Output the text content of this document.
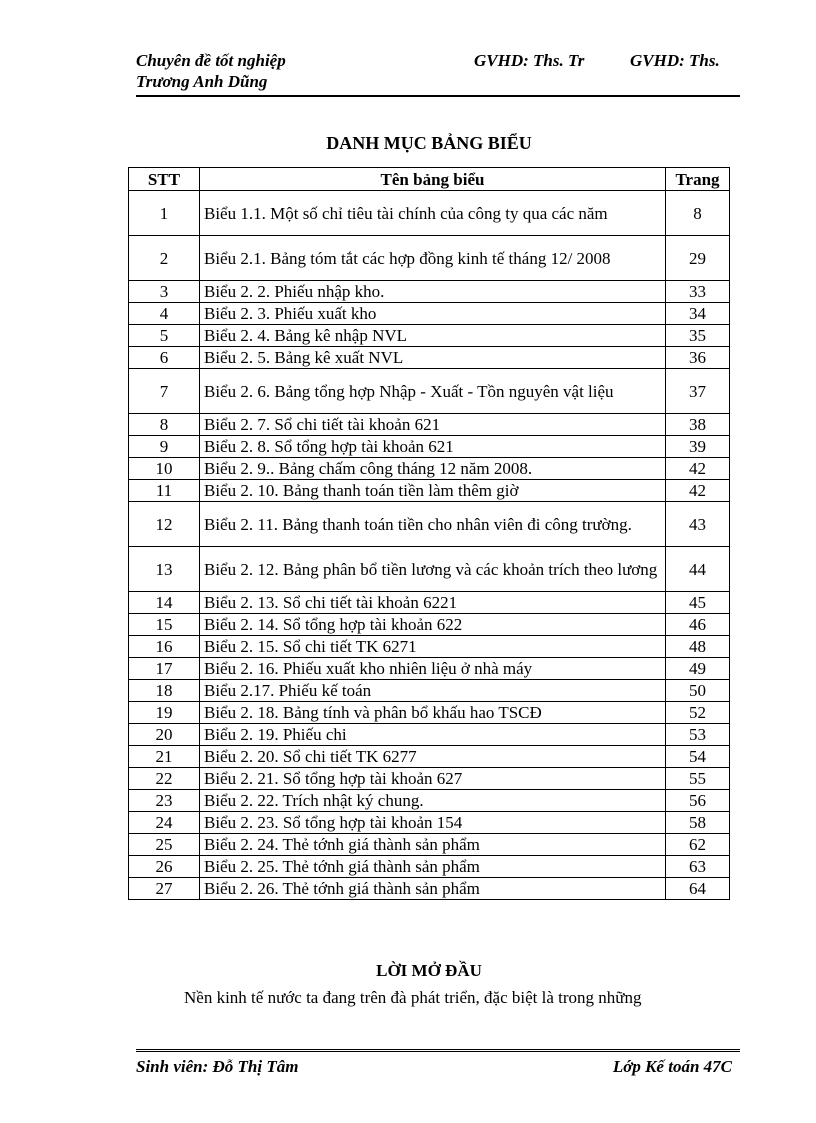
Chuyên đề tốt nghiệp
Trương Anh Dũng
GVHD: Ths. Tr	GVHD: Ths.
DANH MỤC BẢNG BIỂU
STT	Tên bảng biểu	Trang
1	Biểu 1.1. Một số chỉ tiêu tài chính của công ty qua các năm	8
2	Biểu 2.1. Bảng tóm tắt các hợp đồng kinh tế tháng 12/ 2008	29
3	Biểu 2. 2. Phiếu nhập kho.	33
4	Biểu 2. 3. Phiếu xuất kho	34
5	Biểu 2. 4. Bảng kê nhập NVL	35
6	Biểu 2. 5. Bảng kê xuất NVL	36
7	Biểu 2. 6. Bảng tổng hợp Nhập - Xuất - Tồn nguyên vật liệu	37
8	Biểu 2. 7. Sổ chi tiết tài khoản 621	38
9	Biểu 2. 8. Sổ tổng hợp tài khoản 621	39
10	Biểu 2. 9.. Bảng chấm công tháng 12 năm 2008.	42
11	Biểu 2. 10. Bảng thanh toán tiền làm thêm giờ	42
12	Biểu 2. 11. Bảng thanh toán tiền cho nhân viên đi công trường.	43
13	Biểu 2. 12. Bảng phân bổ tiền lương và các khoản trích theo lương	44
14	Biểu 2. 13. Sổ chi tiết tài khoản 6221	45
15	Biểu 2. 14. Sổ tổng hợp tài khoản 622	46
16	Biểu 2. 15. Sổ chi tiết TK 6271	48
17	Biểu 2. 16. Phiếu xuất kho nhiên liệu ở nhà máy	49
18	Biểu 2.17. Phiếu kế toán	50
19	Biểu 2. 18. Bảng tính và phân bổ khấu hao TSCĐ	52
20	Biểu 2. 19. Phiếu chi	53
21	Biểu 2. 20. Sổ chi tiết TK 6277	54
22	Biểu 2. 21. Sổ tổng hợp tài khoản 627	55
23	Biểu 2. 22. Trích nhật ký chung.	56
24	Biểu 2. 23. Sổ tổng hợp tài khoản 154	58
25	Biểu 2. 24. Thẻ tớnh giá thành sản phẩm	62
26	Biểu 2. 25. Thẻ tớnh giá thành sản phẩm	63
27	Biểu 2. 26. Thẻ tớnh giá thành sản phẩm	64
LỜI MỞ ĐẦU
Nền kinh tế nước ta đang trên đà phát triển, đặc biệt là trong những
Sinh viên: Đỗ Thị Tâm	Lớp Kế toán 47C
